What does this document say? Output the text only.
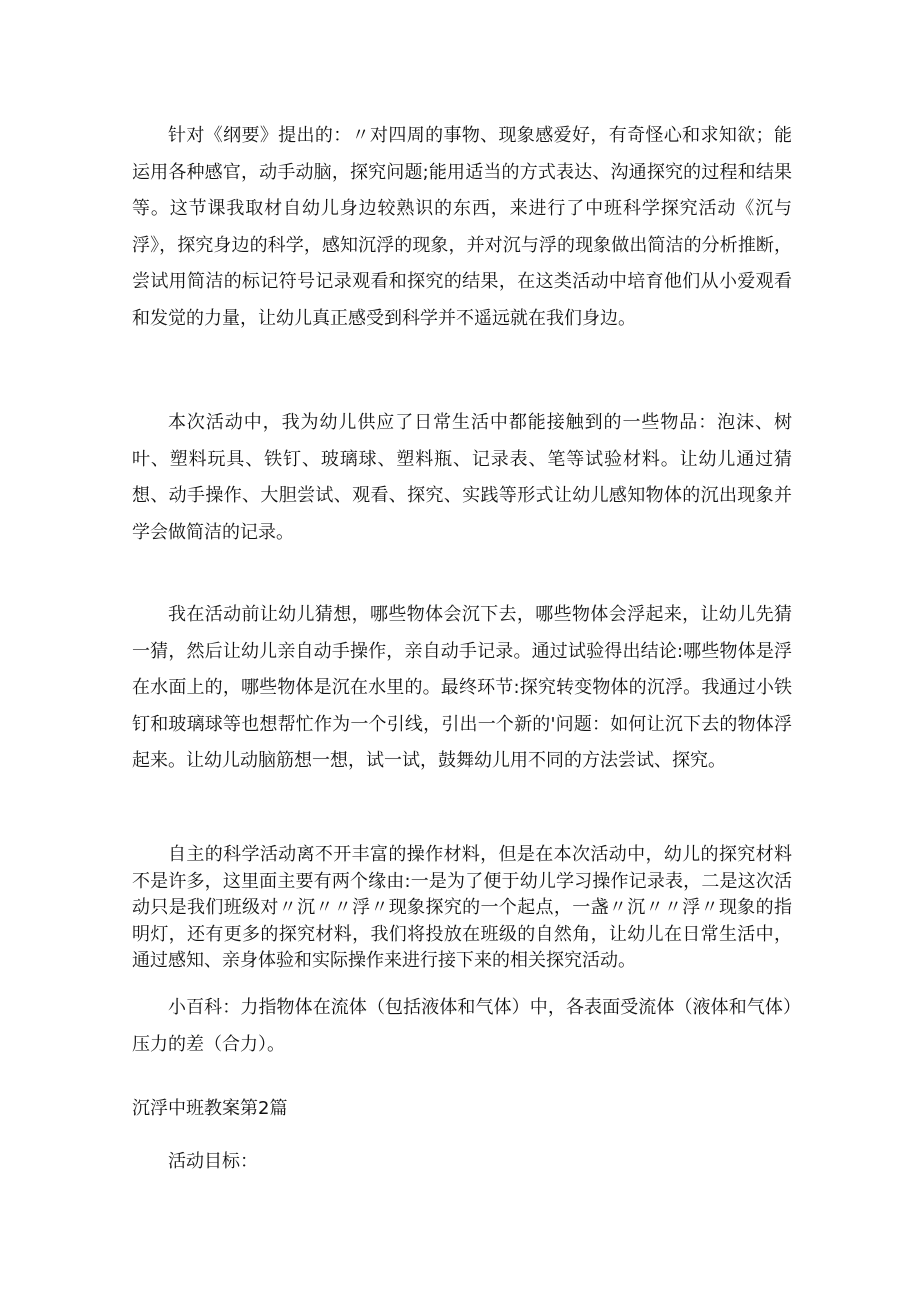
针对《纲要》提出的：〃对四周的事物、现象感爱好，有奇怪心和求知欲；能运用各种感官，动手动脑，探究问题;能用适当的方式表达、沟通探究的过程和结果等。这节课我取材自幼儿身边较熟识的东西，来进行了中班科学探究活动《沉与浮》，探究身边的科学，感知沉浮的现象，并对沉与浮的现象做出简洁的分析推断，尝试用简洁的标记符号记录观看和探究的结果，在这类活动中培育他们从小爱观看和发觉的力量，让幼儿真正感受到科学并不遥远就在我们身边。

本次活动中，我为幼儿供应了日常生活中都能接触到的一些物品：泡沫、树叶、塑料玩具、铁钉、玻璃球、塑料瓶、记录表、笔等试验材料。让幼儿通过猜想、动手操作、大胆尝试、观看、探究、实践等形式让幼儿感知物体的沉出现象并学会做简洁的记录。

我在活动前让幼儿猜想，哪些物体会沉下去，哪些物体会浮起来，让幼儿先猜一猜，然后让幼儿亲自动手操作，亲自动手记录。通过试验得出结论:哪些物体是浮在水面上的，哪些物体是沉在水里的。最终环节:探究转变物体的沉浮。我通过小铁钉和玻璃球等也想帮忙作为一个引线，引出一个新的'问题：如何让沉下去的物体浮起来。让幼儿动脑筋想一想，试一试，鼓舞幼儿用不同的方法尝试、探究。

自主的科学活动离不开丰富的操作材料，但是在本次活动中，幼儿的探究材料不是许多，这里面主要有两个缘由:一是为了便于幼儿学习操作记录表，二是这次活动只是我们班级对〃沉〃〃浮〃现象探究的一个起点，一盏〃沉〃〃浮〃现象的指明灯，还有更多的探究材料，我们将投放在班级的自然角，让幼儿在日常生活中，通过感知、亲身体验和实际操作来进行接下来的相关探究活动。

小百科：力指物体在流体（包括液体和气体）中，各表面受流体（液体和气体）压力的差（合力）。

沉浮中班教案第2篇

活动目标：
